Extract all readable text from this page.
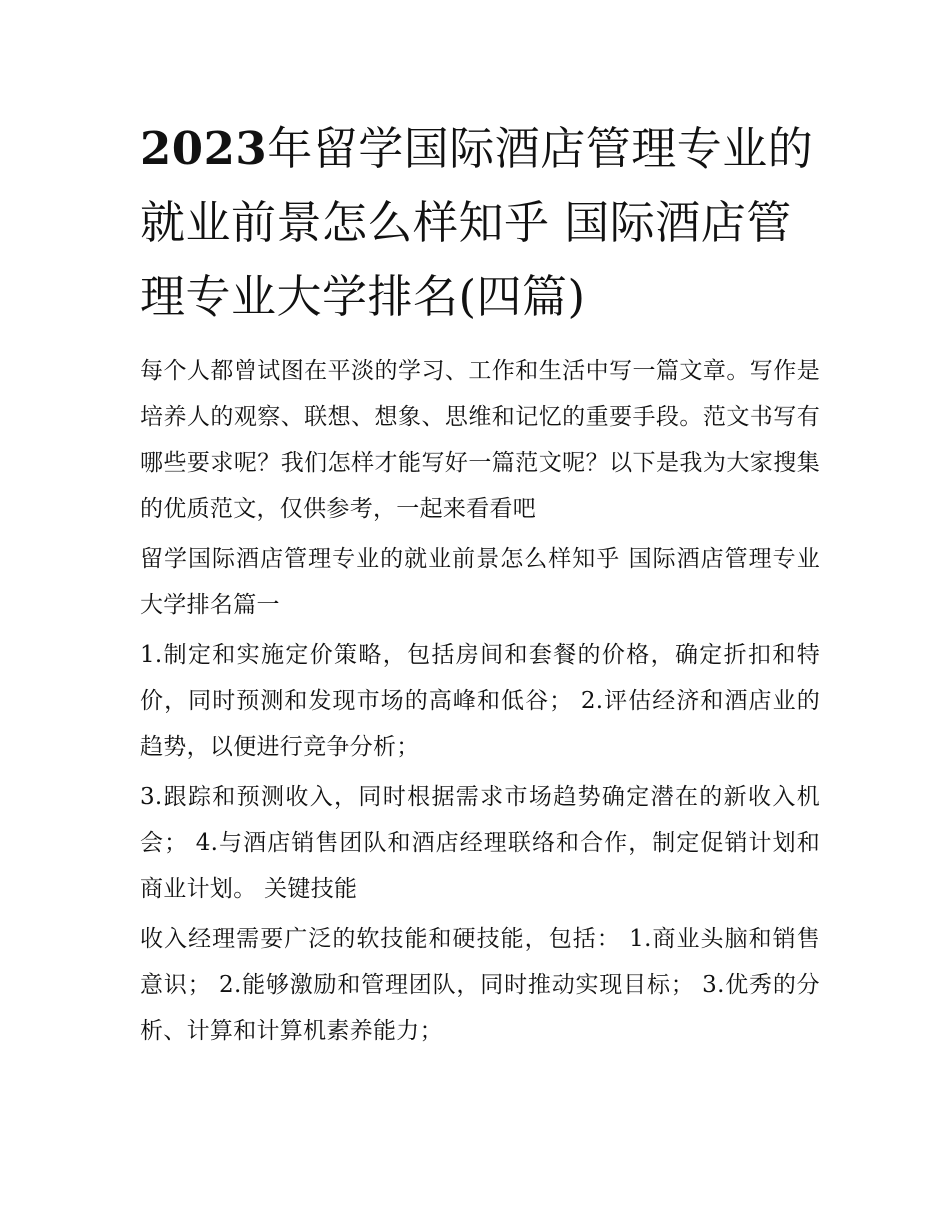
2023年留学国际酒店管理专业的就业前景怎么样知乎 国际酒店管理专业大学排名(四篇)

每个人都曾试图在平淡的学习、工作和生活中写一篇文章。写作是培养人的观察、联想、想象、思维和记忆的重要手段。范文书写有哪些要求呢？我们怎样才能写好一篇范文呢？以下是我为大家搜集的优质范文，仅供参考，一起来看看吧

留学国际酒店管理专业的就业前景怎么样知乎 国际酒店管理专业大学排名篇一

1.制定和实施定价策略，包括房间和套餐的价格，确定折扣和特价，同时预测和发现市场的高峰和低谷； 2.评估经济和酒店业的趋势，以便进行竞争分析；

3.跟踪和预测收入，同时根据需求市场趋势确定潜在的新收入机会； 4.与酒店销售团队和酒店经理联络和合作，制定促销计划和商业计划。 关键技能

收入经理需要广泛的软技能和硬技能，包括： 1.商业头脑和销售意识； 2.能够激励和管理团队，同时推动实现目标； 3.优秀的分析、计算和计算机素养能力；
